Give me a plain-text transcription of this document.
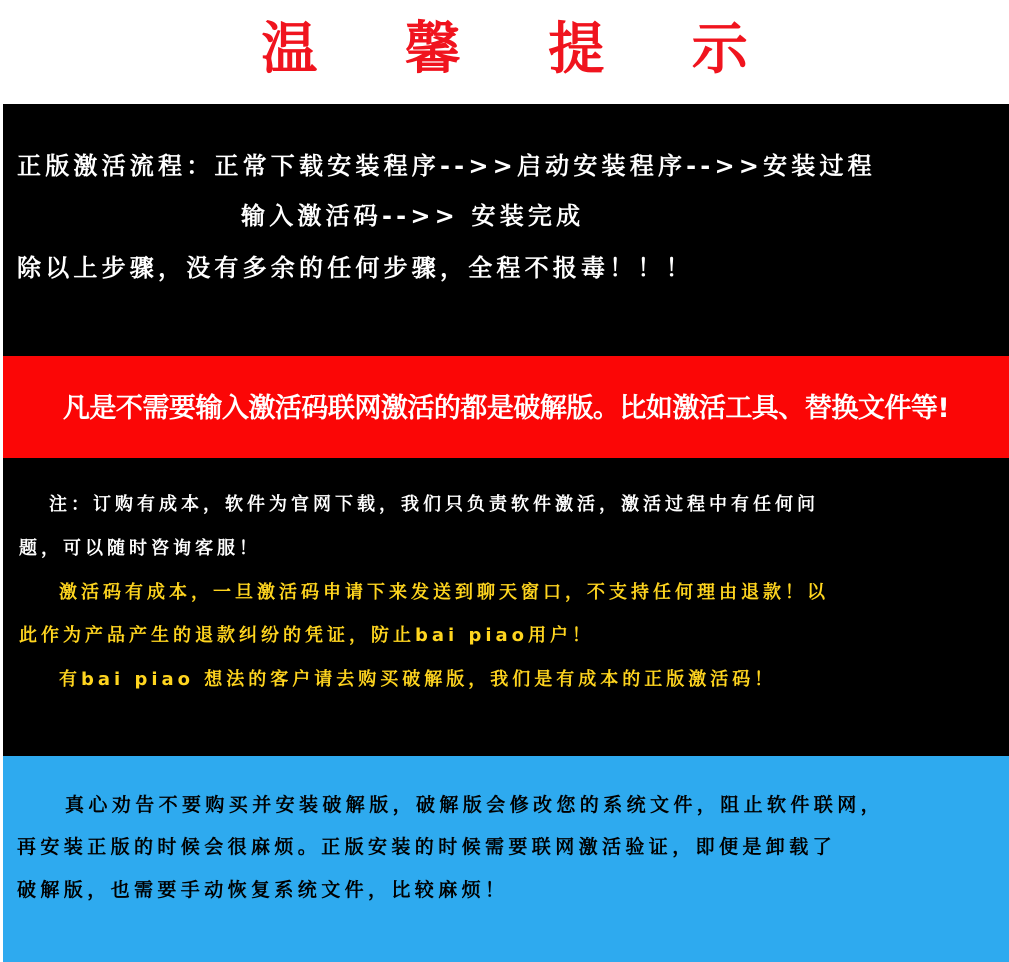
温 馨 提 示
正版激活流程：正常下载安装程序-->>启动安装程序-->>安装过程
输入激活码-->> 安装完成
除以上步骤，没有多余的任何步骤，全程不报毒！！！
凡是不需要输入激活码联网激活的都是破解版。比如激活工具、替换文件等!
注：订购有成本，软件为官网下载，我们只负责软件激活，激活过程中有任何问
题，可以随时咨询客服！
激活码有成本，一旦激活码申请下来发送到聊天窗口，不支持任何理由退款！以
此作为产品产生的退款纠纷的凭证，防止bai piao用户！
有bai piao 想法的客户请去购买破解版，我们是有成本的正版激活码！
真心劝告不要购买并安装破解版，破解版会修改您的系统文件，阻止软件联网，
再安装正版的时候会很麻烦。正版安装的时候需要联网激活验证，即便是卸载了
破解版，也需要手动恢复系统文件，比较麻烦！
